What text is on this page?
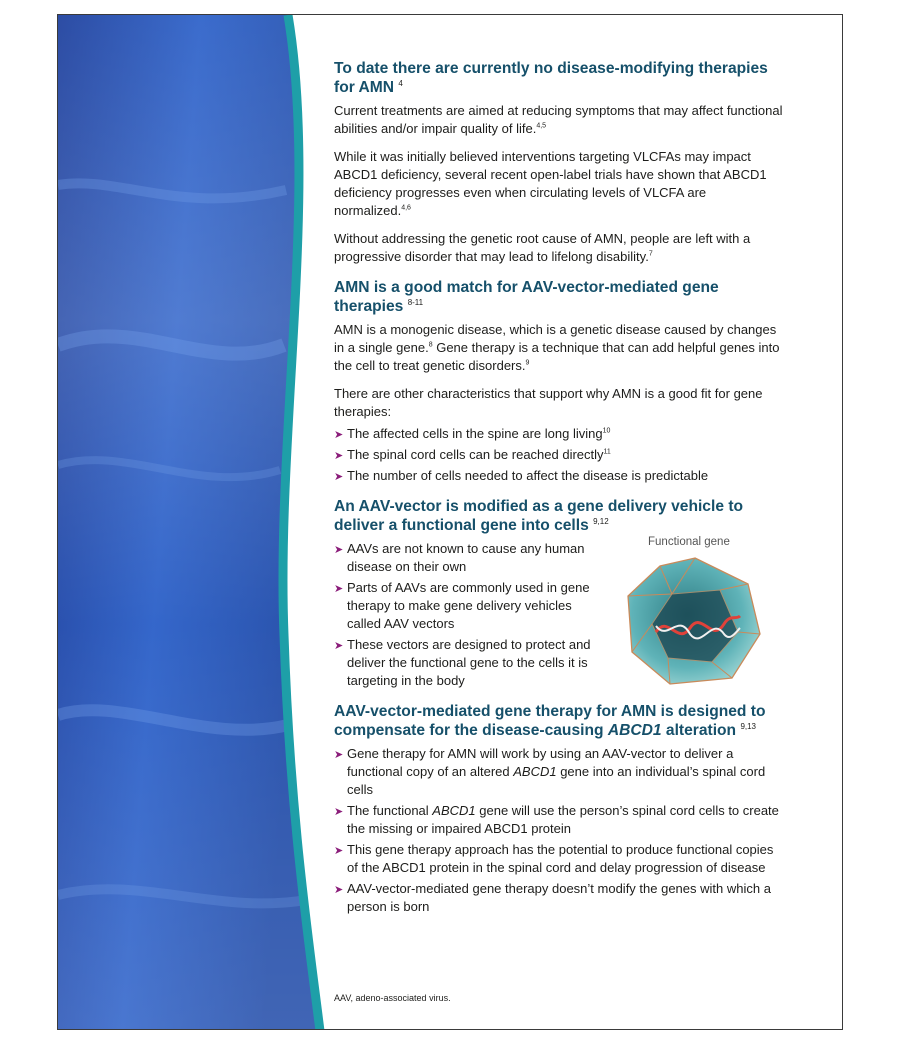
To date there are currently no disease-modifying therapies for AMN $^4$

Current treatments are aimed at reducing symptoms that may affect functional abilities and/or impair quality of life.$^{4,5}$

While it was initially believed interventions targeting VLCFAs may impact ABCD1 deficiency, several recent open-label trials have shown that ABCD1 deficiency progresses even when circulating levels of VLCFA are normalized.$^{4,6}$

Without addressing the genetic root cause of AMN, people are left with a progressive disorder that may lead to lifelong disability.$^7$

AMN is a good match for AAV-vector-mediated gene therapies $^{8-11}$

AMN is a monogenic disease, which is a genetic disease caused by changes in a single gene.$^8$ Gene therapy is a technique that can add helpful genes into the cell to treat genetic disorders.$^9$

There are other characteristics that support why AMN is a good fit for gene therapies:

➤ The affected cells in the spine are long living$^{10}$
➤ The spinal cord cells can be reached directly$^{11}$
➤ The number of cells needed to affect the disease is predictable
An AAV-vector is modified as a gene delivery vehicle to deliver a functional gene into cells $^{9,12}$
➤ AAVs are not known to cause any human disease on their own
➤ Parts of AAVs are commonly used in gene therapy to make gene delivery vehicles called AAV vectors
➤ These vectors are designed to protect and deliver the functional gene to the cells it is targeting in the body
Functional gene
AAV-vector-mediated gene therapy for AMN is designed to compensate for the disease-causing ABCD1 alteration $^{9,13}$
➤ Gene therapy for AMN will work by using an AAV-vector to deliver a functional copy of an altered ABCD1 gene into an individual’s spinal cord cells
➤ The functional ABCD1 gene will use the person’s spinal cord cells to create the missing or impaired ABCD1 protein
➤ This gene therapy approach has the potential to produce functional copies of the ABCD1 protein in the spinal cord and delay progression of disease
➤ AAV-vector-mediated gene therapy doesn’t modify the genes with which a person is born
AAV, adeno-associated virus.
